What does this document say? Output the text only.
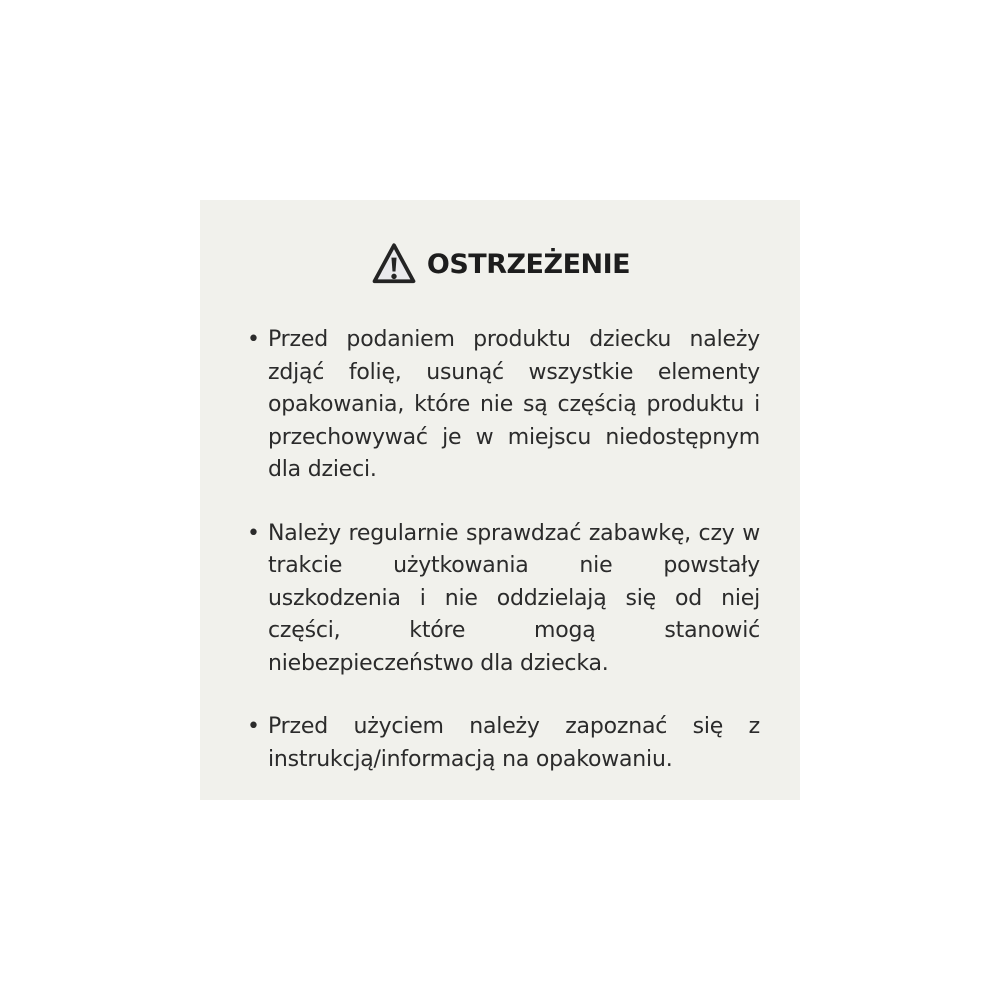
OSTRZEŻENIE
• Przed podaniem produktu dziecku należy zdjąć folię, usunąć wszystkie elementy opakowania, które nie są częścią produktu i przechowywać je w miejscu niedostępnym dla dzieci.
• Należy regularnie sprawdzać zabawkę, czy w trakcie użytkowania nie powstały uszkodzenia i nie oddzielają się od niej części, które mogą stanowić niebezpieczeństwo dla dziecka.
• Przed użyciem należy zapoznać się z instrukcją/informacją na opakowaniu.
